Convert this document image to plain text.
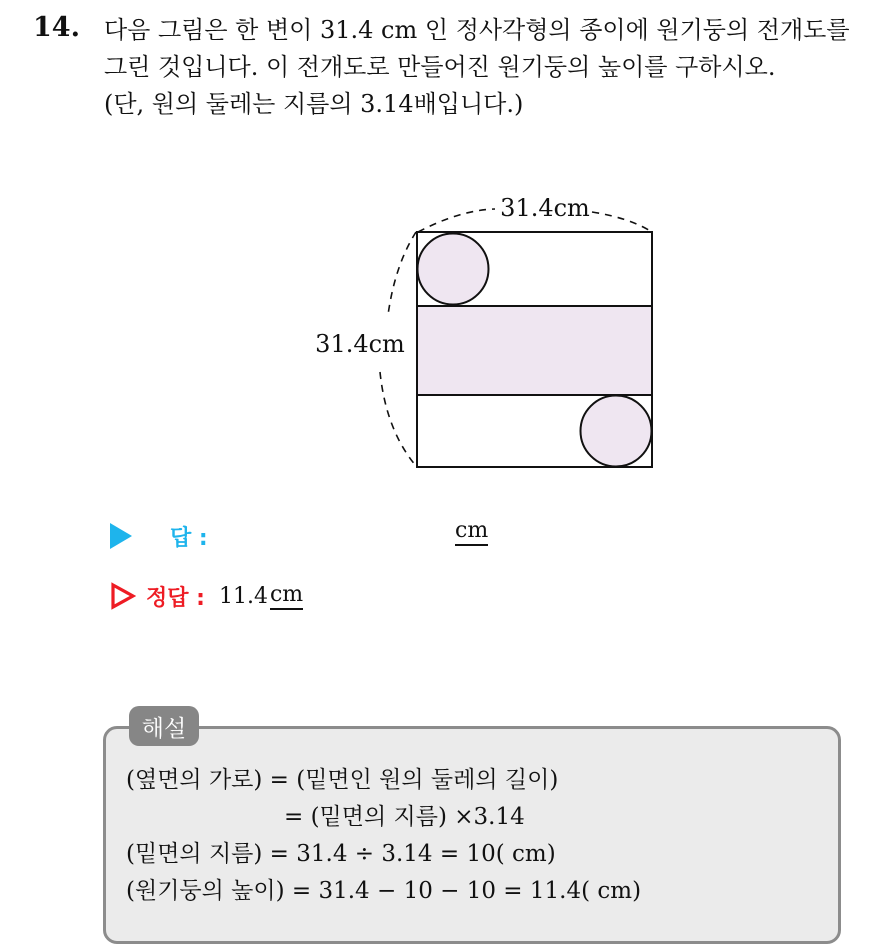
14. 다음 그림은 한 변이 31.4 cm 인 정사각형의 종이에 원기둥의 전개도를
그린 것입니다. 이 전개도로 만들어진 원기둥의 높이를 구하시오.
(단, 원의 둘레는 지름의 3.14배입니다.)
31.4cm
31.4cm
답 :	cm
정답 : 11.4 cm
해설
(옆면의 가로) = (밑면인 원의 둘레의 길이)
= (밑면의 지름) ×3.14
(밑면의 지름) = 31.4 ÷ 3.14 = 10( cm)
(원기둥의 높이) = 31.4 − 10 − 10 = 11.4( cm)
